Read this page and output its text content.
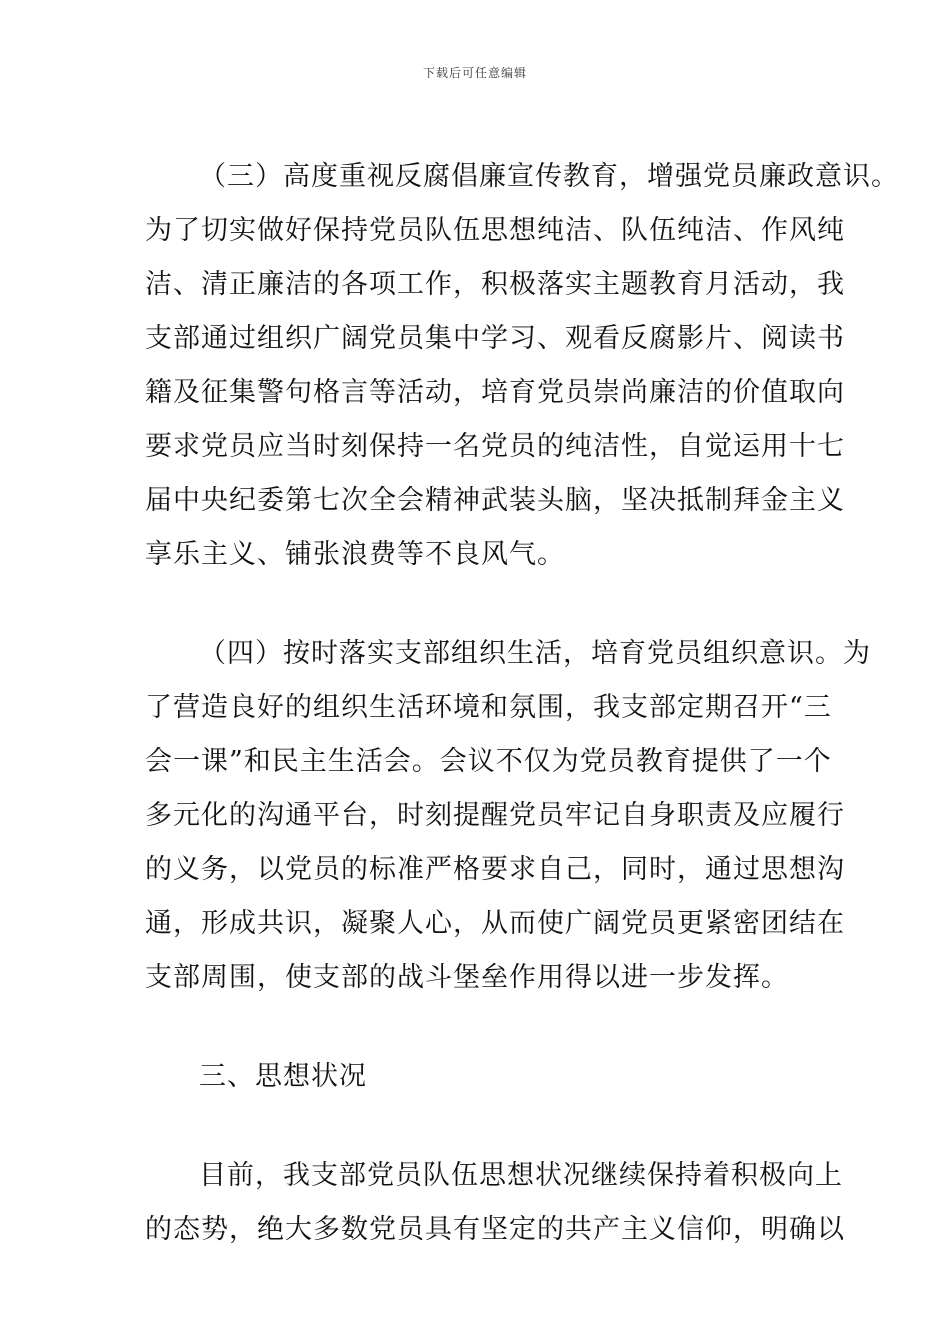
下载后可任意编辑
（三）高度重视反腐倡廉宣传教育，增强党员廉政意识。
为了切实做好保持党员队伍思想纯洁、队伍纯洁、作风纯
洁、清正廉洁的各项工作，积极落实主题教育月活动，我
支部通过组织广阔党员集中学习、观看反腐影片、阅读书
籍及征集警句格言等活动，培育党员崇尚廉洁的价值取向
要求党员应当时刻保持一名党员的纯洁性，自觉运用十七
届中央纪委第七次全会精神武装头脑，坚决抵制拜金主义
享乐主义、铺张浪费等不良风气。
（四）按时落实支部组织生活，培育党员组织意识。为
了营造良好的组织生活环境和氛围，我支部定期召开“三
会一课”和民主生活会。会议不仅为党员教育提供了一个
多元化的沟通平台，时刻提醒党员牢记自身职责及应履行
的义务，以党员的标准严格要求自己，同时，通过思想沟
通，形成共识，凝聚人心，从而使广阔党员更紧密团结在
支部周围，使支部的战斗堡垒作用得以进一步发挥。
三、思想状况
目前，我支部党员队伍思想状况继续保持着积极向上
的态势，绝大多数党员具有坚定的共产主义信仰，明确以
